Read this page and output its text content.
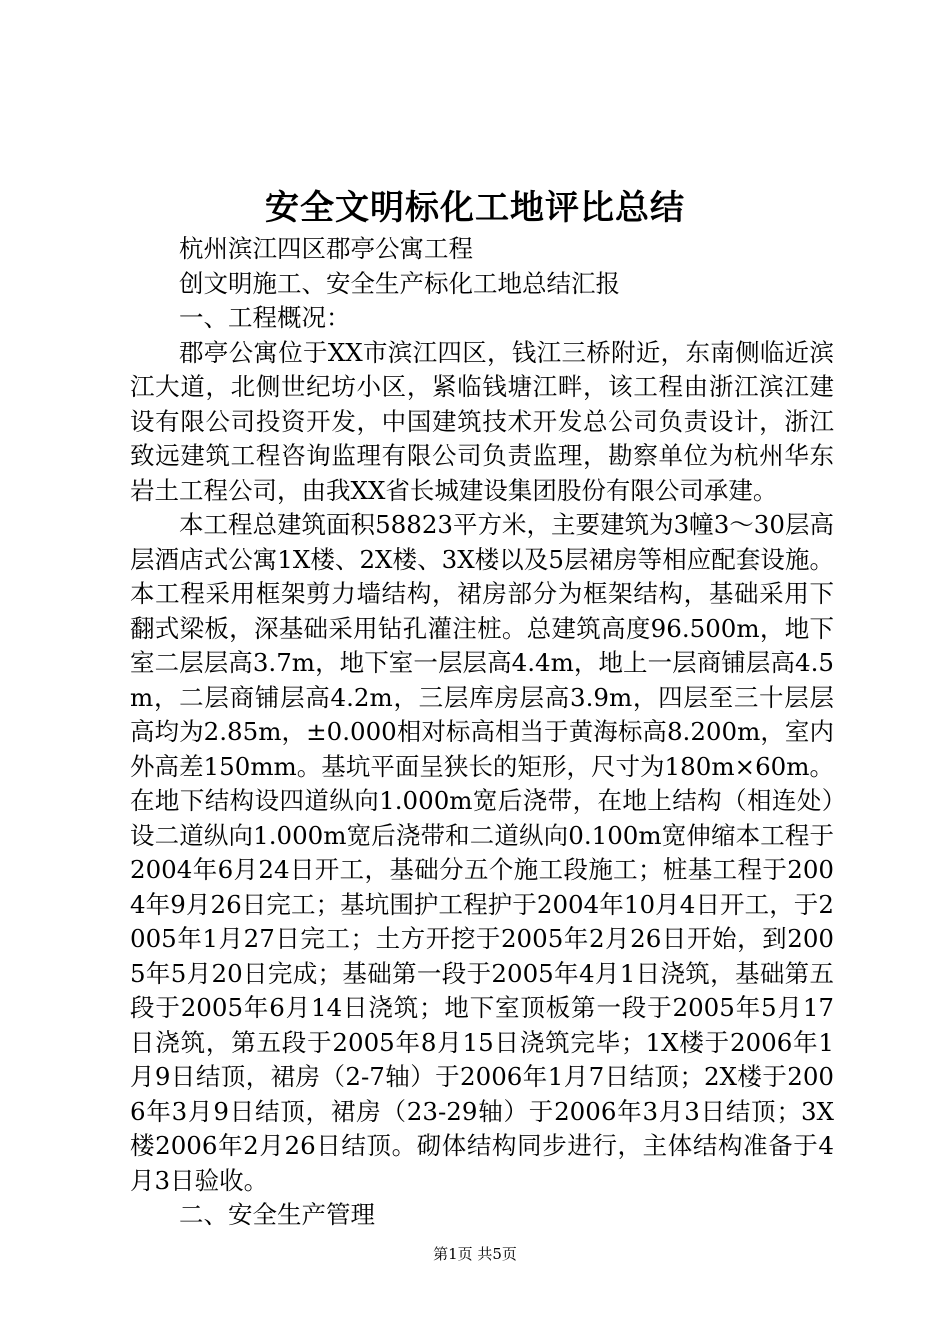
安全文明标化工地评比总结

杭州滨江四区郡亭公寓工程

创文明施工、安全生产标化工地总结汇报

一、工程概况：

郡亭公寓位于XX市滨江四区，钱江三桥附近，东南侧临近滨江大道，北侧世纪坊小区，紧临钱塘江畔，该工程由浙江滨江建设有限公司投资开发，中国建筑技术开发总公司负责设计，浙江致远建筑工程咨询监理有限公司负责监理，勘察单位为杭州华东岩土工程公司，由我XX省长城建设集团股份有限公司承建。

本工程总建筑面积58823平方米，主要建筑为3幢3～30层高层酒店式公寓1X楼、2X楼、3X楼以及5层裙房等相应配套设施。本工程采用框架剪力墙结构，裙房部分为框架结构，基础采用下翻式梁板，深基础采用钻孔灌注桩。总建筑高度96.500m，地下室二层层高3.7m，地下室一层层高4.4m，地上一层商铺层高4.5m，二层商铺层高4.2m，三层库房层高3.9m，四层至三十层层高均为2.85m，±0.000相对标高相当于黄海标高8.200m，室内外高差150mm。基坑平面呈狭长的矩形，尺寸为180m×60m。在地下结构设四道纵向1.000m宽后浇带，在地上结构（相连处）设二道纵向1.000m宽后浇带和二道纵向0.100m宽伸缩本工程于2004年6月24日开工，基础分五个施工段施工；桩基工程于2004年9月26日完工；基坑围护工程护于2004年10月4日开工，于2005年1月27日完工；土方开挖于2005年2月26日开始，到2005年5月20日完成；基础第一段于2005年4月1日浇筑，基础第五段于2005年6月14日浇筑；地下室顶板第一段于2005年5月17日浇筑，第五段于2005年8月15日浇筑完毕；1X楼于2006年1月9日结顶，裙房（2-7轴）于2006年1月7日结顶；2X楼于2006年3月9日结顶，裙房（23-29轴）于2006年3月3日结顶；3X楼2006年2月26日结顶。砌体结构同步进行，主体结构准备于4月3日验收。

二、安全生产管理

第1页 共5页
